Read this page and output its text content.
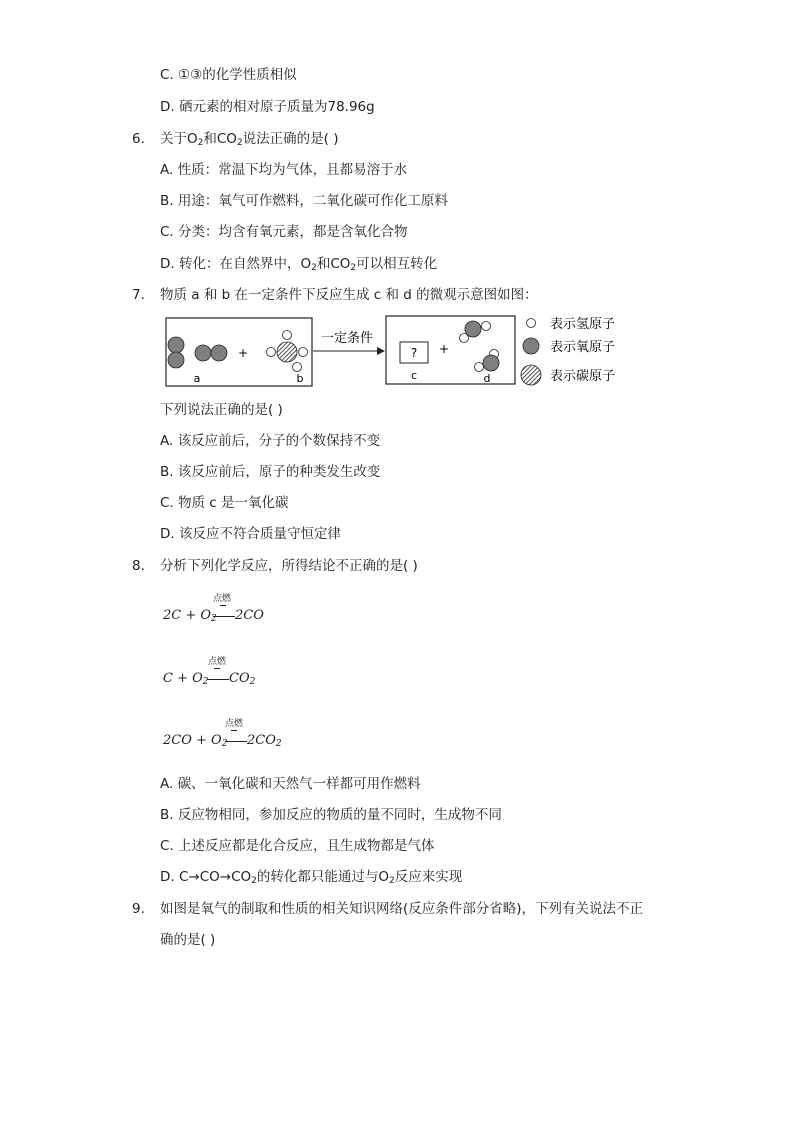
C. ①③的化学性质相似
D. 硒元素的相对原子质量为78.96g
6. 关于$O_2$和$CO_2$说法正确的是( )
A. 性质：常温下均为气体，且都易溶于水
B. 用途：氧气可作燃料，二氧化碳可作化工原料
C. 分类：均含有氧元素，都是含氧化合物
D. 转化：在自然界中，$O_2$和$CO_2$可以相互转化
7. 物质 a 和 b 在一定条件下反应生成 c 和 d 的微观示意图如图：
+
a	b
一定条件
? +
c	d
表示氢原子
表示氧原子
表示碳原子
下列说法正确的是( )
A. 该反应前后，分子的个数保持不变
B. 该反应前后，原子的种类发生改变
C. 物质 c 是一氧化碳
D. 该反应不符合质量守恒定律
8. 分析下列化学反应，所得结论不正确的是( )
点燃
$2C + O_2$ 2CO
点燃
$C + O_2$ $CO_2$
点燃
$2CO + O_2$ $2CO_2$
A. 碳、一氧化碳和天然气一样都可用作燃料
B. 反应物相同，参加反应的物质的量不同时，生成物不同
C. 上述反应都是化合反应，且生成物都是气体
D. $C\to CO\to CO_2$的转化都只能通过与$O_2$反应来实现
9. 如图是氧气的制取和性质的相关知识网络(反应条件部分省略)，下列有关说法不正
确的是( )
